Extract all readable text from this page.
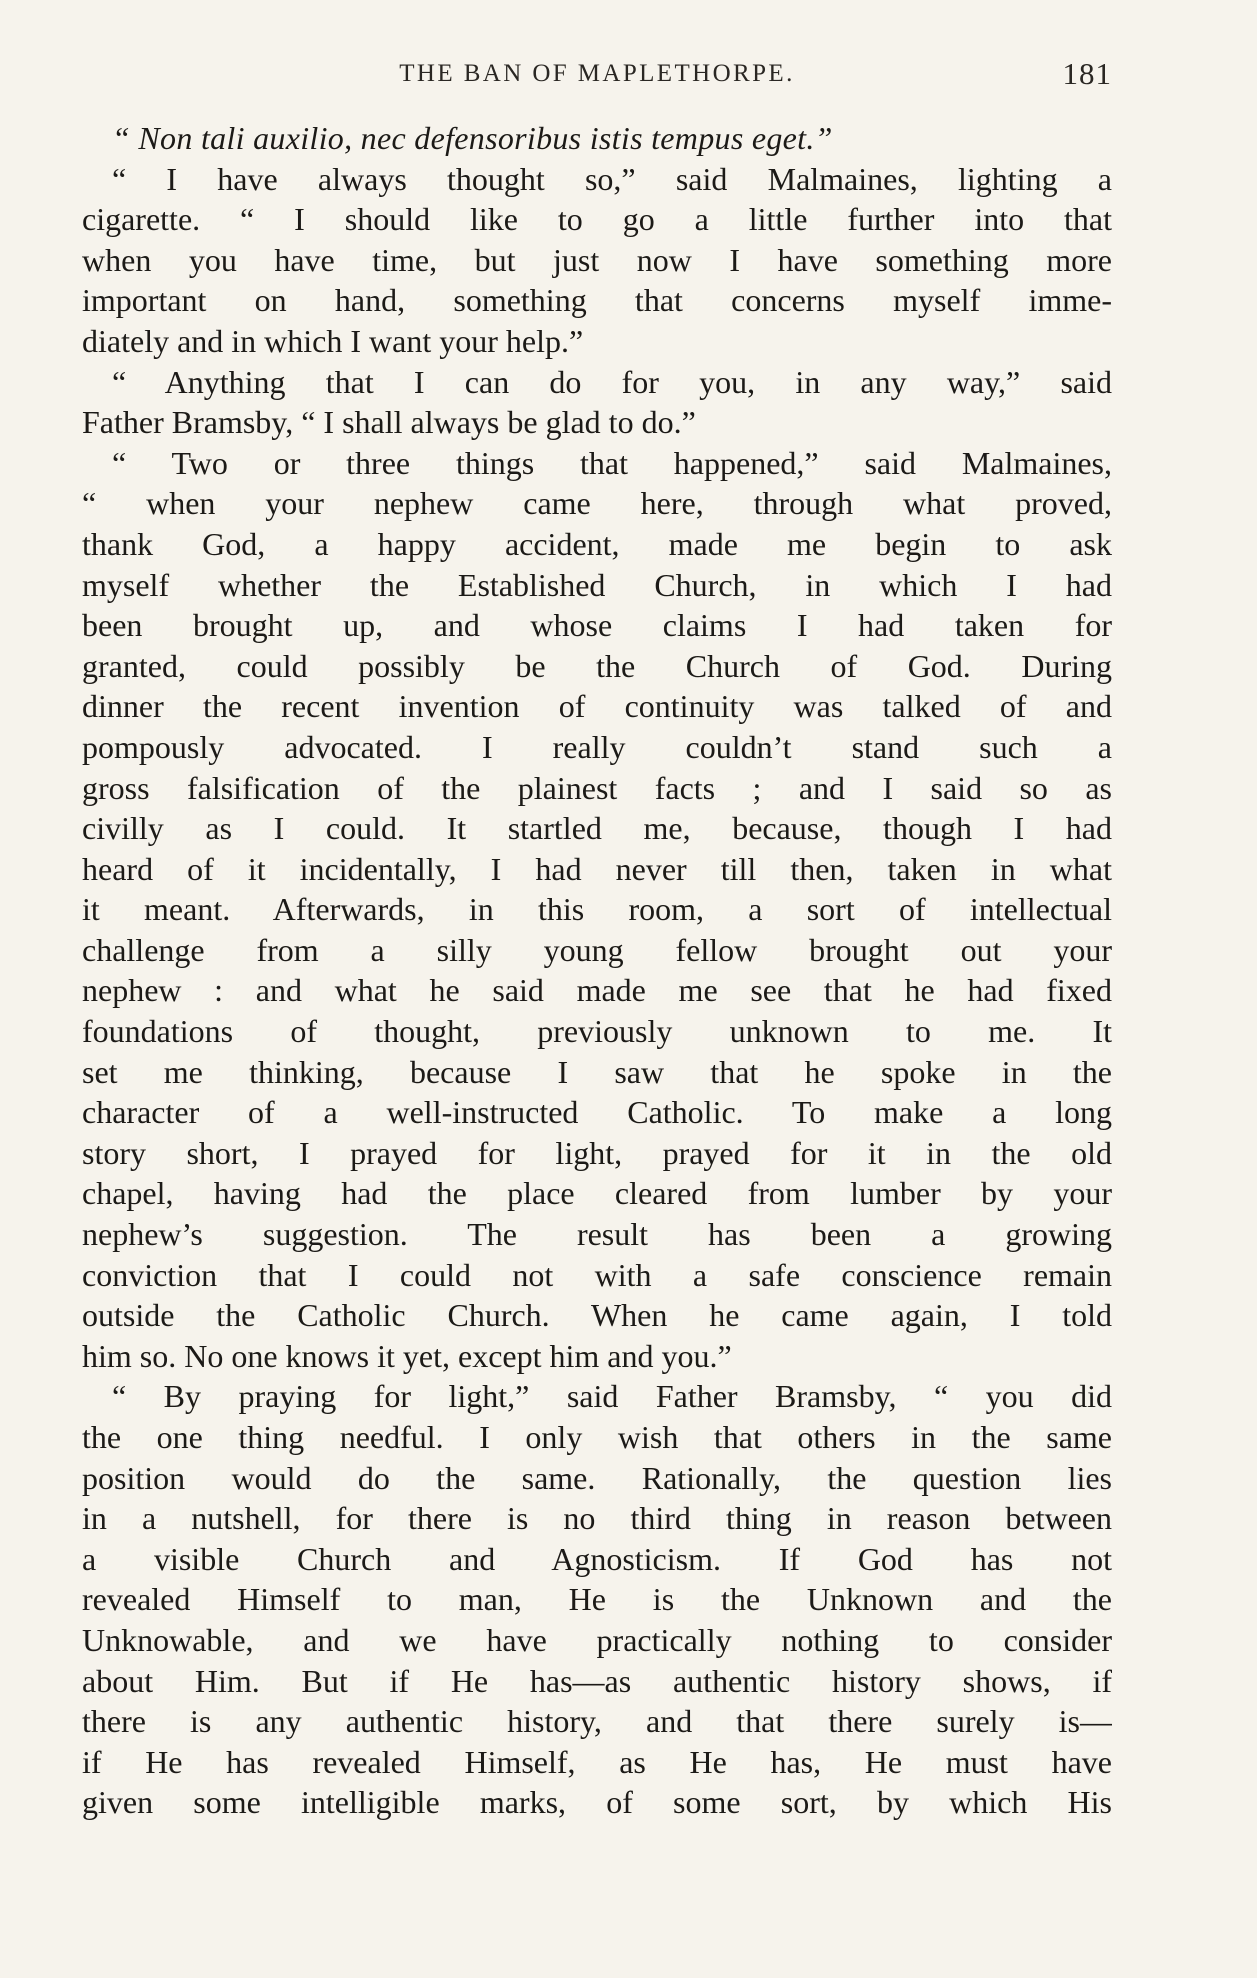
THE BAN OF MAPLETHORPE.	181
“ Non tali auxilio, nec defensoribus istis tempus eget.”
“ I have always thought so,” said Malmaines, lighting a
cigarette. “ I should like to go a little further into that
when you have time, but just now I have something more
important on hand, something that concerns myself imme-
diately and in which I want your help.”
“ Anything that I can do for you, in any way,” said
Father Bramsby, “ I shall always be glad to do.”
“ Two or three things that happened,” said Malmaines,
“ when your nephew came here, through what proved,
thank God, a happy accident, made me begin to ask
myself whether the Established Church, in which I had
been brought up, and whose claims I had taken for
granted, could possibly be the Church of God. During
dinner the recent invention of continuity was talked of and
pompously advocated. I really couldn’t stand such a
gross falsification of the plainest facts ; and I said so as
civilly as I could. It startled me, because, though I had
heard of it incidentally, I had never till then, taken in what
it meant. Afterwards, in this room, a sort of intellectual
challenge from a silly young fellow brought out your
nephew : and what he said made me see that he had fixed
foundations of thought, previously unknown to me. It
set me thinking, because I saw that he spoke in the
character of a well-instructed Catholic. To make a long
story short, I prayed for light, prayed for it in the old
chapel, having had the place cleared from lumber by your
nephew’s suggestion. The result has been a growing
conviction that I could not with a safe conscience remain
outside the Catholic Church. When he came again, I told
him so. No one knows it yet, except him and you.”
“ By praying for light,” said Father Bramsby, “ you did
the one thing needful. I only wish that others in the same
position would do the same. Rationally, the question lies
in a nutshell, for there is no third thing in reason between
a visible Church and Agnosticism. If God has not
revealed Himself to man, He is the Unknown and the
Unknowable, and we have practically nothing to consider
about Him. But if He has—as authentic history shows, if
there is any authentic history, and that there surely is—
if He has revealed Himself, as He has, He must have
given some intelligible marks, of some sort, by which His
